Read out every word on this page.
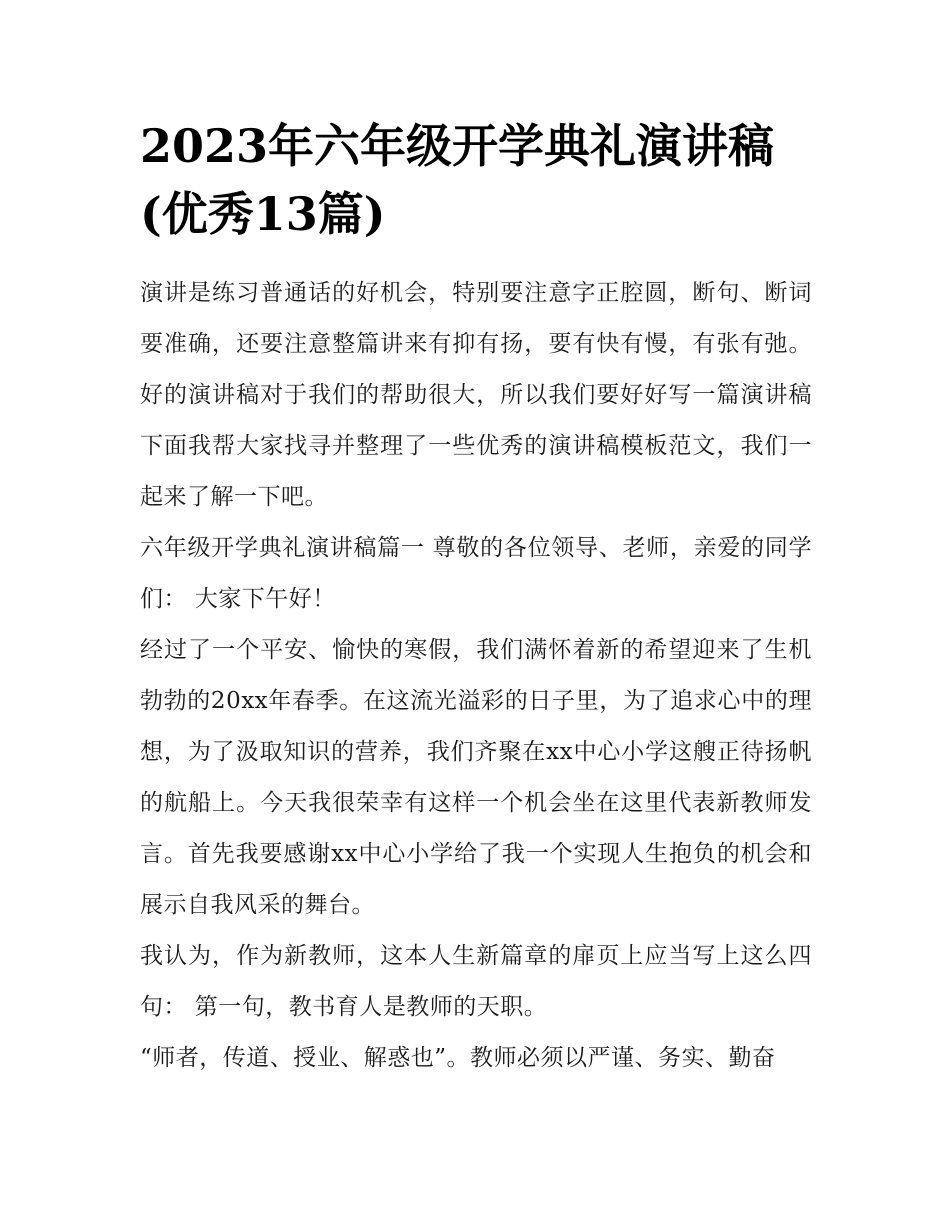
2023年六年级开学典礼演讲稿
(优秀13篇)

演讲是练习普通话的好机会，特别要注意字正腔圆，断句、断词要准确，还要注意整篇讲来有抑有扬，要有快有慢，有张有弛。好的演讲稿对于我们的帮助很大，所以我们要好好写一篇演讲稿下面我帮大家找寻并整理了一些优秀的演讲稿模板范文，我们一起来了解一下吧。

六年级开学典礼演讲稿篇一 尊敬的各位领导、老师，亲爱的同学们： 大家下午好！

经过了一个平安、愉快的寒假，我们满怀着新的希望迎来了生机勃勃的20xx年春季。在这流光溢彩的日子里，为了追求心中的理想，为了汲取知识的营养，我们齐聚在xx中心小学这艘正待扬帆的航船上。今天我很荣幸有这样一个机会坐在这里代表新教师发言。首先我要感谢xx中心小学给了我一个实现人生抱负的机会和展示自我风采的舞台。

我认为，作为新教师，这本人生新篇章的扉页上应当写上这么四句： 第一句，教书育人是教师的天职。

“师者，传道、授业、解惑也”。教师必须以严谨、务实、勤奋
